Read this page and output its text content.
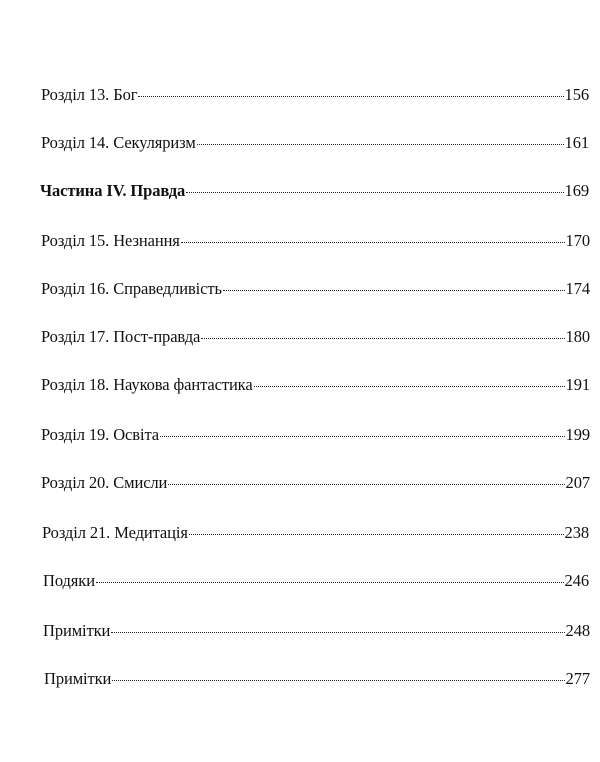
Розділ 13. Бог	156
Розділ 14. Секуляризм	161
Частина IV. Правда	169
Розділ 15. Незнання	170
Розділ 16. Справедливість	174
Розділ 17. Пост-правда	180
Розділ 18. Наукова фантастика	191
Розділ 19. Освіта	199
Розділ 20. Смисли	207
Розділ 21. Медитація	238
Подяки	246
Примітки	248
Примітки	277
